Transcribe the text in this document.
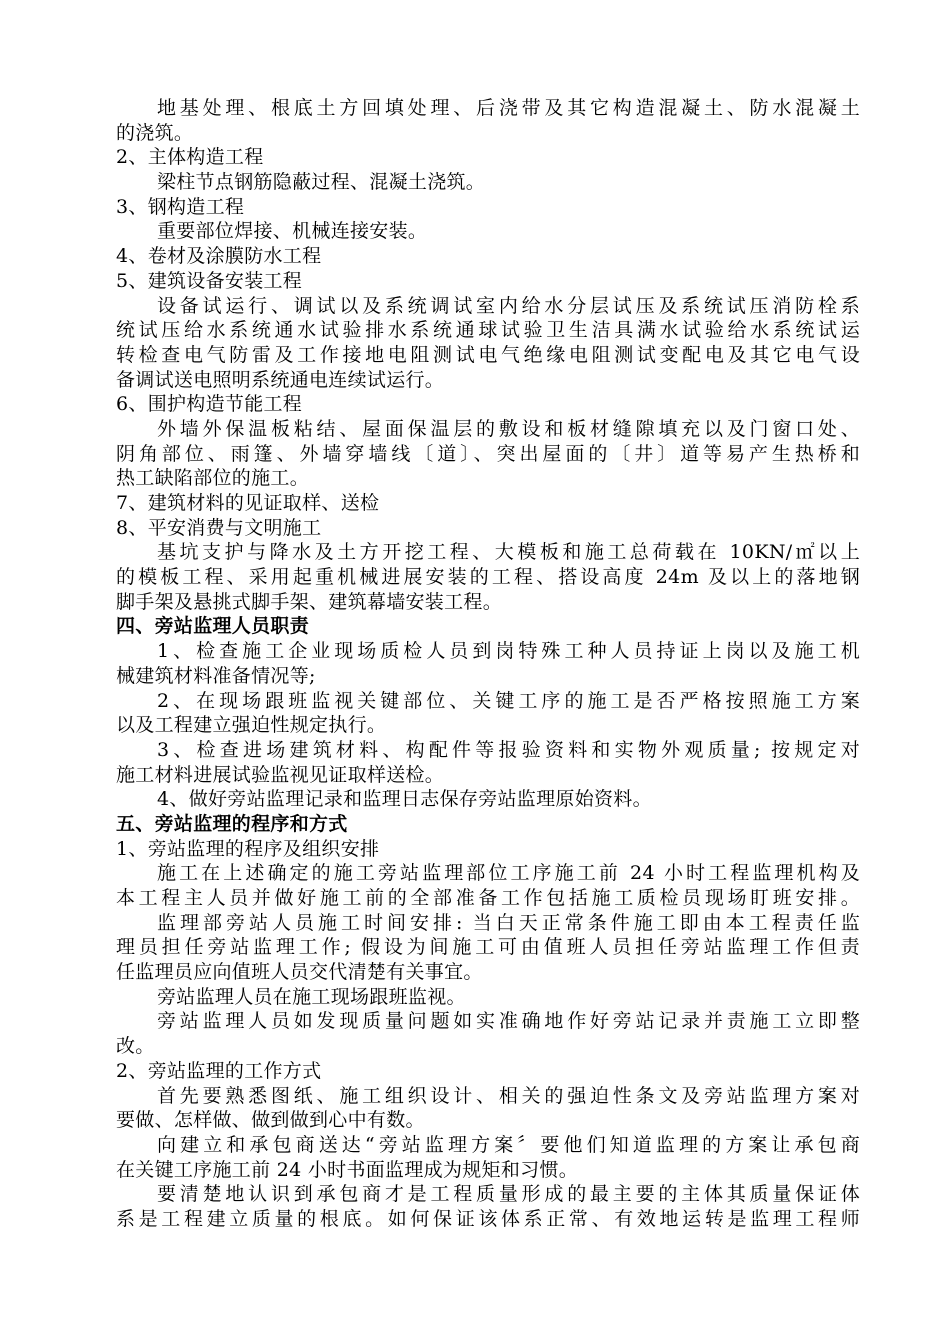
地基处理、根底土方回填处理、后浇带及其它构造混凝土、防水混凝土
的浇筑。
2、主体构造工程
梁柱节点钢筋隐蔽过程、混凝土浇筑。
3、钢构造工程
重要部位焊接、机械连接安装。
4、卷材及涂膜防水工程
5、建筑设备安装工程
设备试运行、调试以及系统调试室内给水分层试压及系统试压消防栓系
统试压给水系统通水试验排水系统通球试验卫生洁具满水试验给水系统试运
转检查电气防雷及工作接地电阻测试电气绝缘电阻测试变配电及其它电气设
备调试送电照明系统通电连续试运行。
6、围护构造节能工程
外墙外保温板粘结、屋面保温层的敷设和板材缝隙填充以及门窗口处、
阴角部位、雨篷、外墙穿墙线〔道〕、突出屋面的〔井〕道等易产生热桥和
热工缺陷部位的施工。
7、建筑材料的见证取样、送检
8、平安消费与文明施工
基坑支护与降水及土方开挖工程、大模板和施工总荷载在 10KN/㎡以上
的模板工程、采用起重机械进展安装的工程、搭设高度 24m 及以上的落地钢
脚手架及悬挑式脚手架、建筑幕墙安装工程。
四、旁站监理人员职责
1、检查施工企业现场质检人员到岗特殊工种人员持证上岗以及施工机
械建筑材料准备情况等;
2、在现场跟班监视关键部位、关键工序的施工是否严格按照施工方案
以及工程建立强迫性规定执行。
3、检查进场建筑材料、构配件等报验资料和实物外观质量; 按规定对
施工材料进展试验监视见证取样送检。
4、做好旁站监理记录和监理日志保存旁站监理原始资料。
五、旁站监理的程序和方式
1、旁站监理的程序及组织安排
施工在上述确定的施工旁站监理部位工序施工前 24 小时工程监理机构及
本工程主人员并做好施工前的全部准备工作包括施工质检员现场盯班安排。
监理部旁站人员施工时间安排: 当白天正常条件施工即由本工程责任监
理员担任旁站监理工作; 假设为间施工可由值班人员担任旁站监理工作但责
任监理员应向值班人员交代清楚有关事宜。
旁站监理人员在施工现场跟班监视。
旁站监理人员如发现质量问题如实准确地作好旁站记录并责施工立即整
改。
2、旁站监理的工作方式
首先要熟悉图纸、施工组织设计、相关的强迫性条文及旁站监理方案对
要做、怎样做、做到做到心中有数。
向建立和承包商送达“旁站监理方案〞要他们知道监理的方案让承包商
在关键工序施工前 24 小时书面监理成为规矩和习惯。
要清楚地认识到承包商才是工程质量形成的最主要的主体其质量保证体
系是工程建立质量的根底。如何保证该体系正常、有效地运转是监理工程师
